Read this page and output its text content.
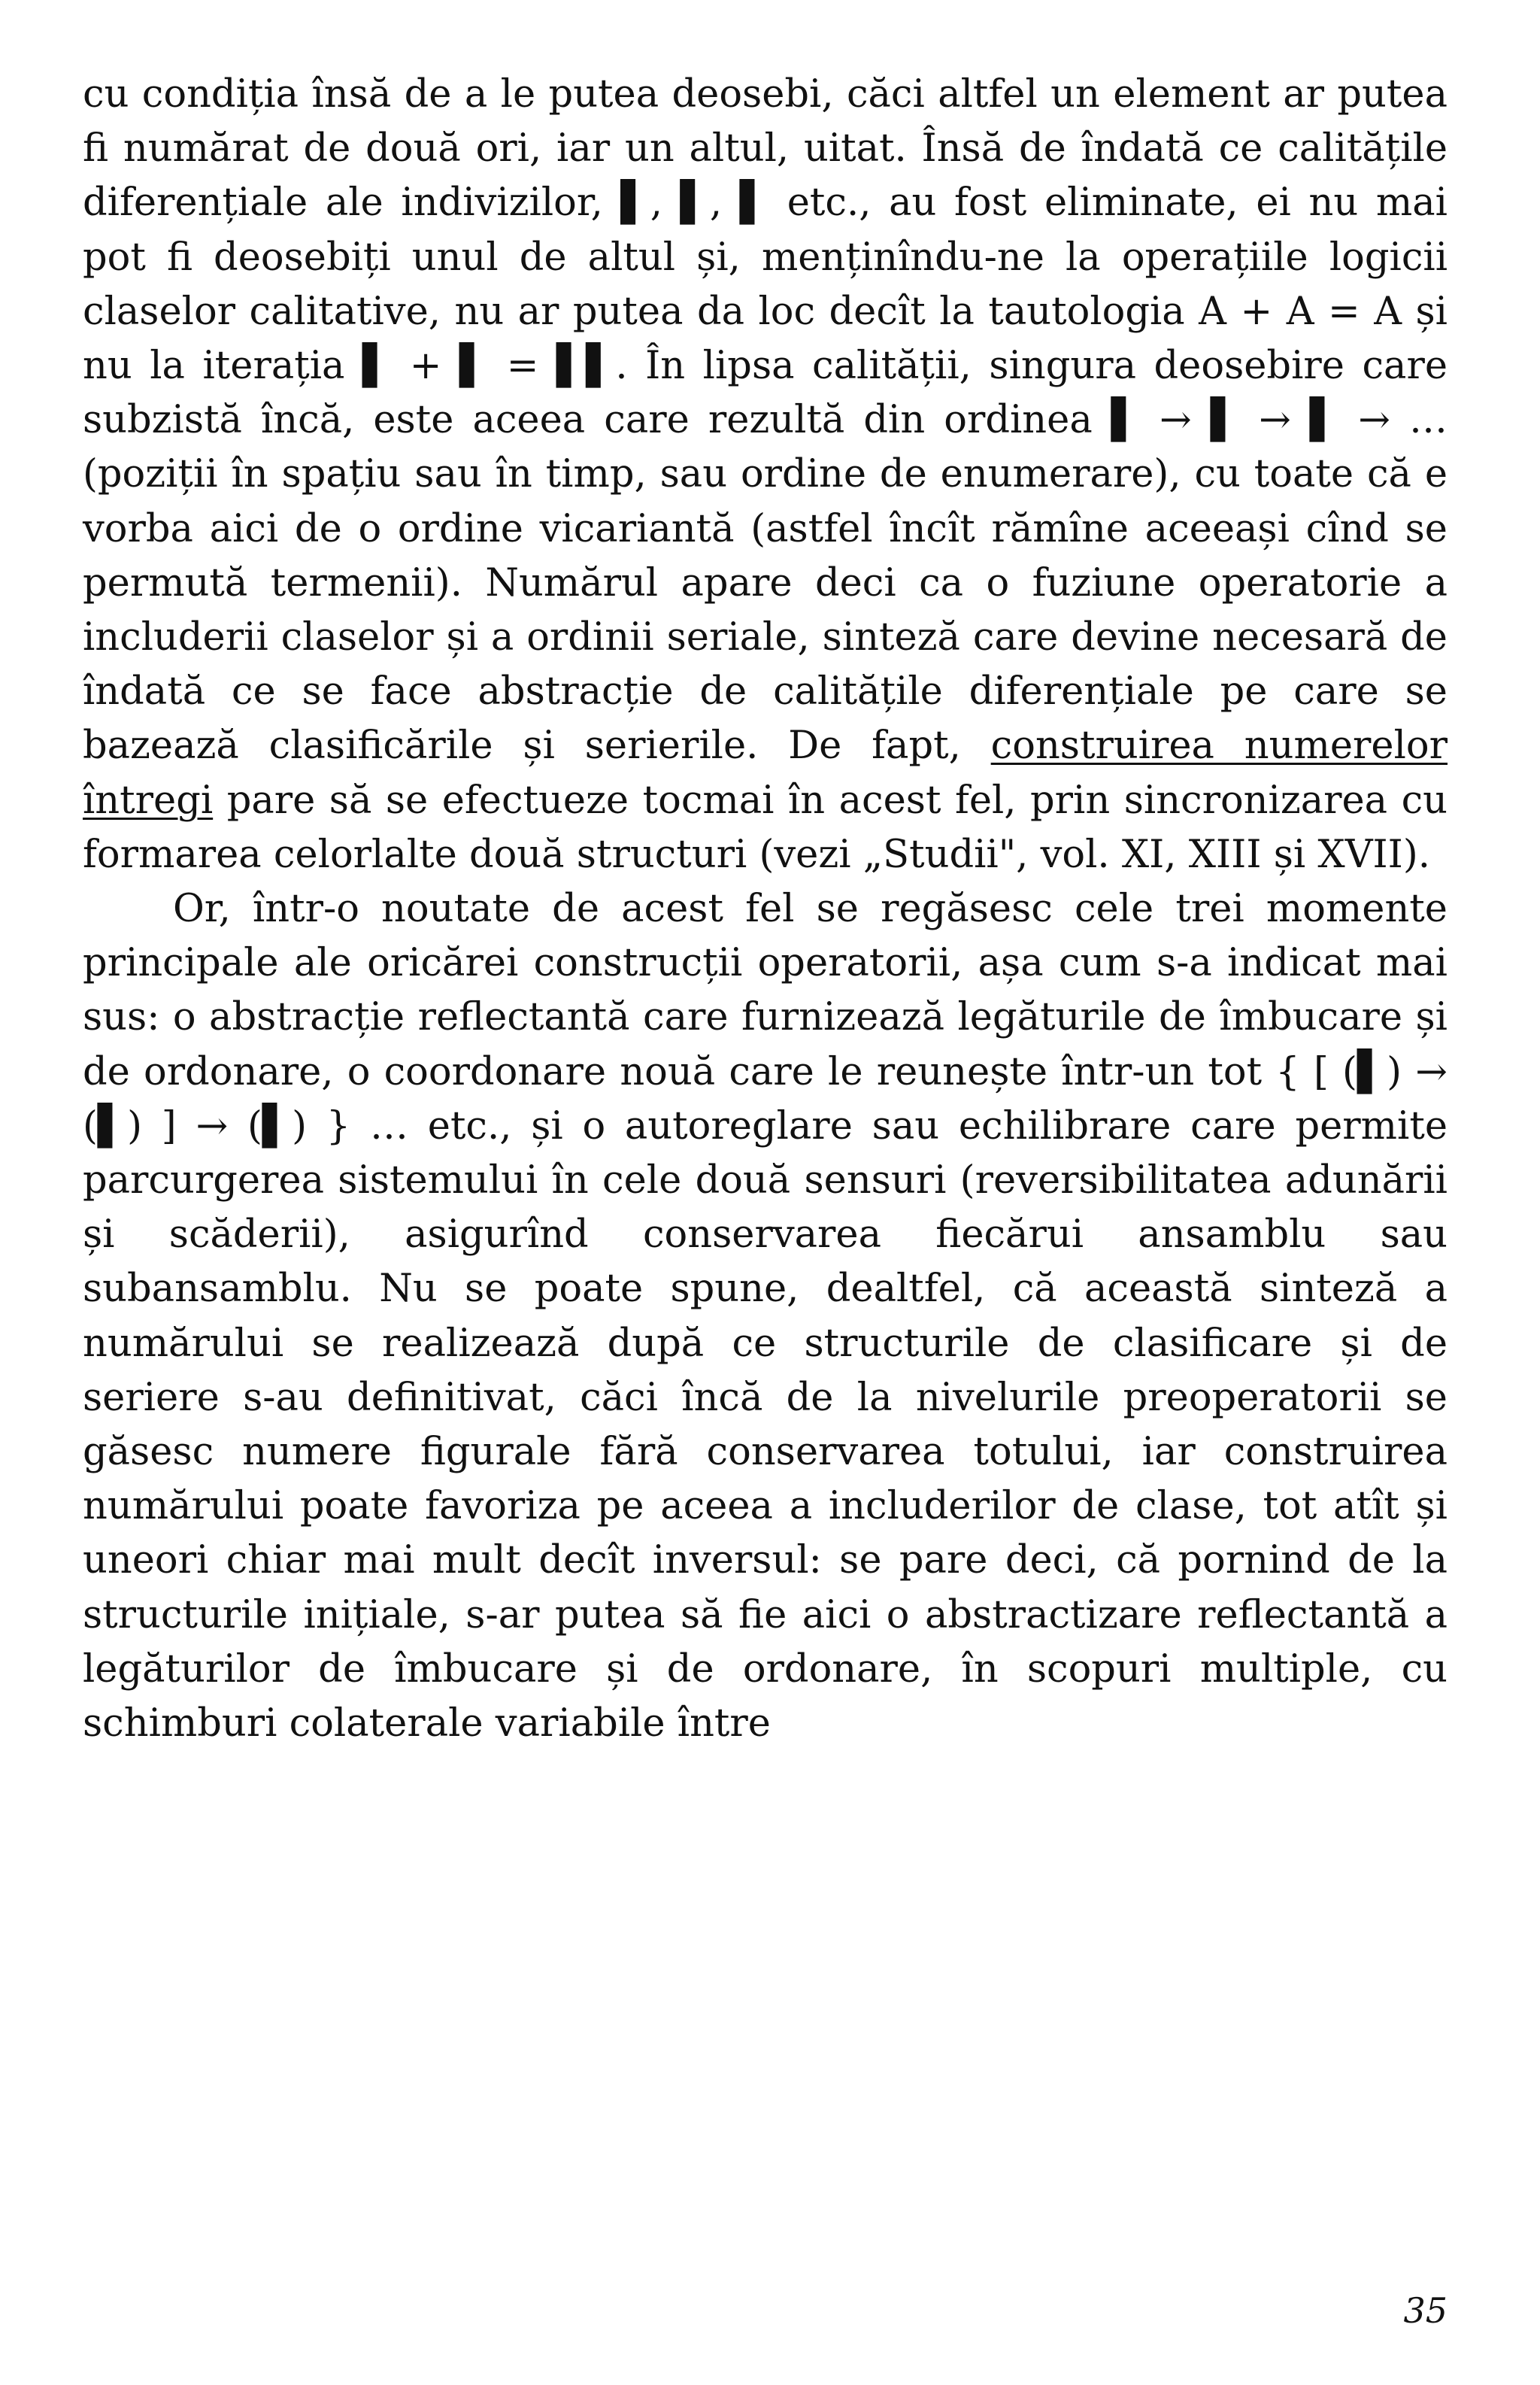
cu condiția însă de a le putea deosebi, căci altfel un element ar putea fi numărat de două ori, iar un altul, uitat. Însă de îndată ce calitățile diferențiale ale indivizilor, ▌, ▌, ▌ etc., au fost eliminate, ei nu mai pot fi deosebiți unul de altul și, menținîndu-ne la operațiile logicii claselor calitative, nu ar putea da loc decît la tautologia A + A = A și nu la iterația ▌ + ▌ = ▌▌. În lipsa calității, singura deosebire care subzistă încă, este aceea care rezultă din ordinea ▌ → ▌ → ▌ → … (poziții în spațiu sau în timp, sau ordine de enumerare), cu toate că e vorba aici de o ordine vicariantă (astfel încît rămîne aceeași cînd se permută termenii). Numărul apare deci ca o fuziune operatorie a includerii claselor și a ordinii seriale, sinteză care devine necesară de îndată ce se face abstracție de calitățile diferențiale pe care se bazează clasificările și serierile. De fapt, construirea numerelor întregi pare să se efectueze tocmai în acest fel, prin sincronizarea cu formarea celorlalte două structuri (vezi „Studii", vol. XI, XIII și XVII).

Or, într-o noutate de acest fel se regăsesc cele trei momente principale ale oricărei construcții operatorii, așa cum s-a indicat mai sus: o abstracție reflectantă care furnizează legăturile de îmbucare și de ordonare, o coordonare nouă care le reunește într-un tot { [ (▌) → (▌) ] → (▌) } … etc., și o autoreglare sau echilibrare care permite parcurgerea sistemului în cele două sensuri (reversibilitatea adunării și scăderii), asigurînd conservarea fiecărui ansamblu sau subansamblu. Nu se poate spune, dealtfel, că această sinteză a numărului se realizează după ce structurile de clasificare și de seriere s-au definitivat, căci încă de la nivelurile preoperatorii se găsesc numere figurale fără conservarea totului, iar construirea numărului poate favoriza pe aceea a includerilor de clase, tot atît și uneori chiar mai mult decît inversul: se pare deci, că pornind de la structurile inițiale, s-ar putea să fie aici o abstractizare reflectantă a legăturilor de îmbucare și de ordonare, în scopuri multiple, cu schimburi colaterale variabile între

35
